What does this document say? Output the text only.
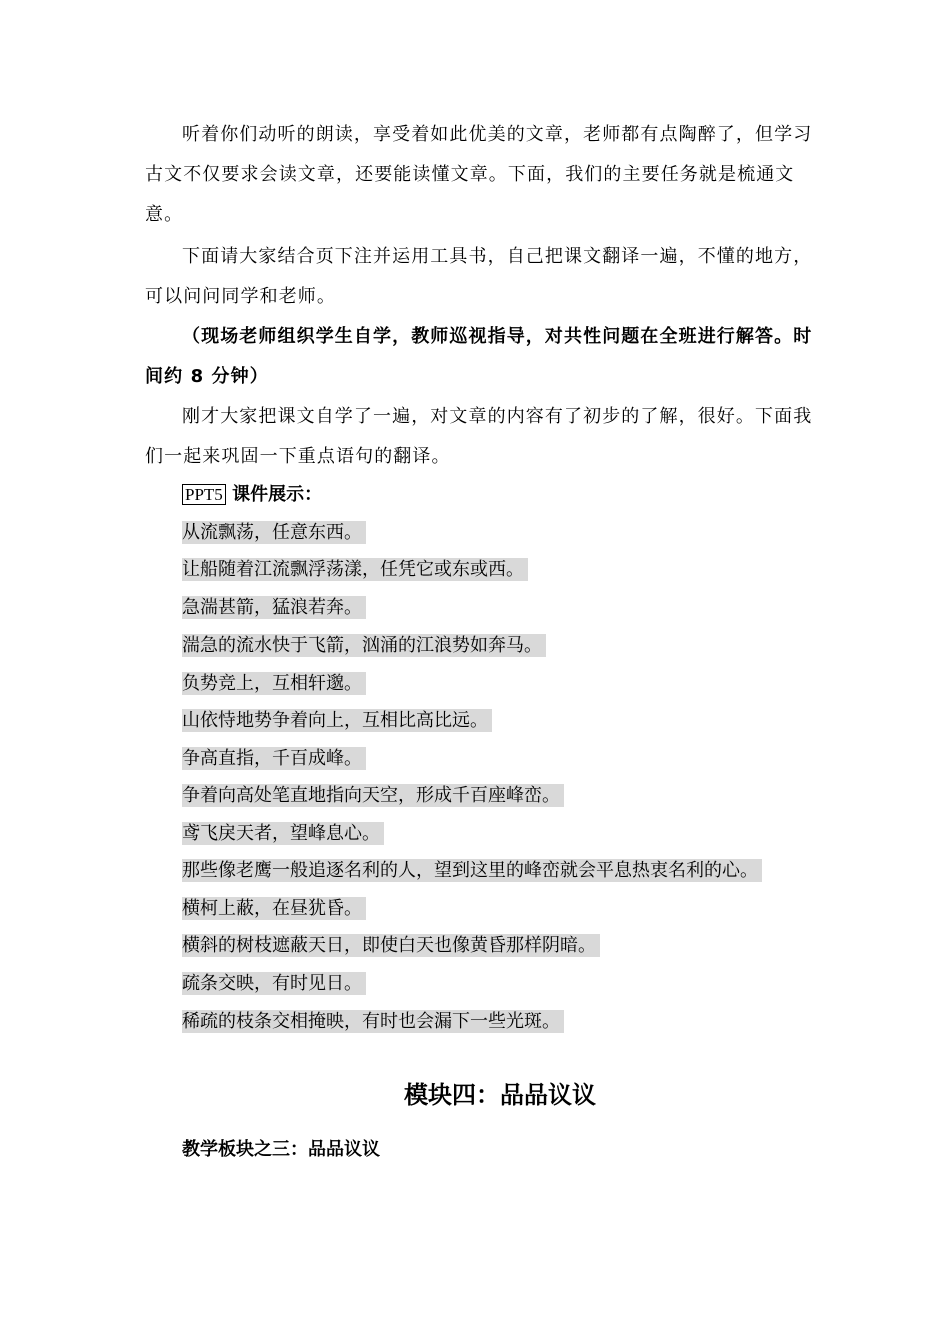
听着你们动听的朗读，享受着如此优美的文章，老师都有点陶醉了，但学习古文不仅要求会读文章，还要能读懂文章。下面，我们的主要任务就是梳通文意。

下面请大家结合页下注并运用工具书，自己把课文翻译一遍，不懂的地方，可以问问同学和老师。

（现场老师组织学生自学，教师巡视指导，对共性问题在全班进行解答。时间约 8 分钟）

刚才大家把课文自学了一遍，对文章的内容有了初步的了解，很好。下面我们一起来巩固一下重点语句的翻译。

PPT5 课件展示：
从流飘荡，任意东西。
让船随着江流飘浮荡漾，任凭它或东或西。
急湍甚箭，猛浪若奔。
湍急的流水快于飞箭，汹涌的江浪势如奔马。
负势竞上，互相轩邈。
山依恃地势争着向上，互相比高比远。
争高直指，千百成峰。
争着向高处笔直地指向天空，形成千百座峰峦。
鸢飞戾天者，望峰息心。
那些像老鹰一般追逐名利的人，望到这里的峰峦就会平息热衷名利的心。
横柯上蔽，在昼犹昏。
横斜的树枝遮蔽天日，即使白天也像黄昏那样阴暗。
疏条交映，有时见日。
稀疏的枝条交相掩映，有时也会漏下一些光斑。
模块四：品品议议
教学板块之三：品品议议
